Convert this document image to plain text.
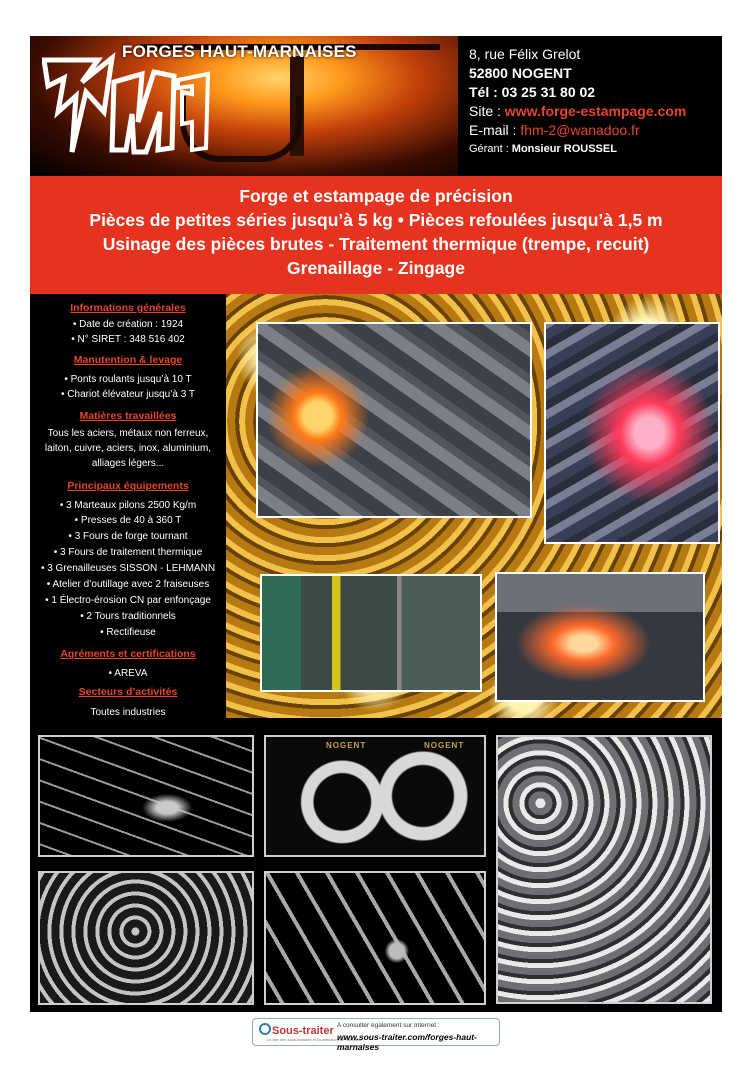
FORGES HAUT-MARNAISES	8, rue Félix Grelot
52800 NOGENT
Tél : 03 25 31 80 02
Site : www.forge-estampage.com
E-mail : fhm-2@wanadoo.fr
Gérant : Monsieur ROUSSEL
Forge et estampage de précision
Pièces de petites séries jusqu’à 5 kg • Pièces refoulées jusqu’à 1,5 m
Usinage des pièces brutes - Traitement thermique (trempe, recuit)
Grenaillage - Zingage
Informations générales
• Date de création : 1924
• N° SIRET : 348 516 402
Manutention & levage
• Ponts roulants jusqu’à 10 T
• Chariot élévateur jusqu’à 3 T
Matières travaillées
Tous les aciers, métaux non ferreux,
laiton, cuivre, aciers, inox, aluminium,
alliages légers...
Principaux équipements
• 3 Marteaux pilons 2500 Kg/m
• Presses de 40 à 360 T
• 3 Fours de forge tournant
• 3 Fours de traitement thermique
• 3 Grenailleuses SISSON - LEHMANN
• Atelier d’outillage avec 2 fraiseuses
• 1 Électro-érosion CN par enfonçage
• 2 Tours traditionnels
• Rectifieuse
Agréments et certifications
• AREVA
Secteurs d’activités
Toutes industries
NOGENT	NOGENT
Sous-traiter
Le site des sous-traitants et fournisseurs de l'industrie
A consulter également sur Internet :
www.sous-traiter.com/forges-haut-marnaises
